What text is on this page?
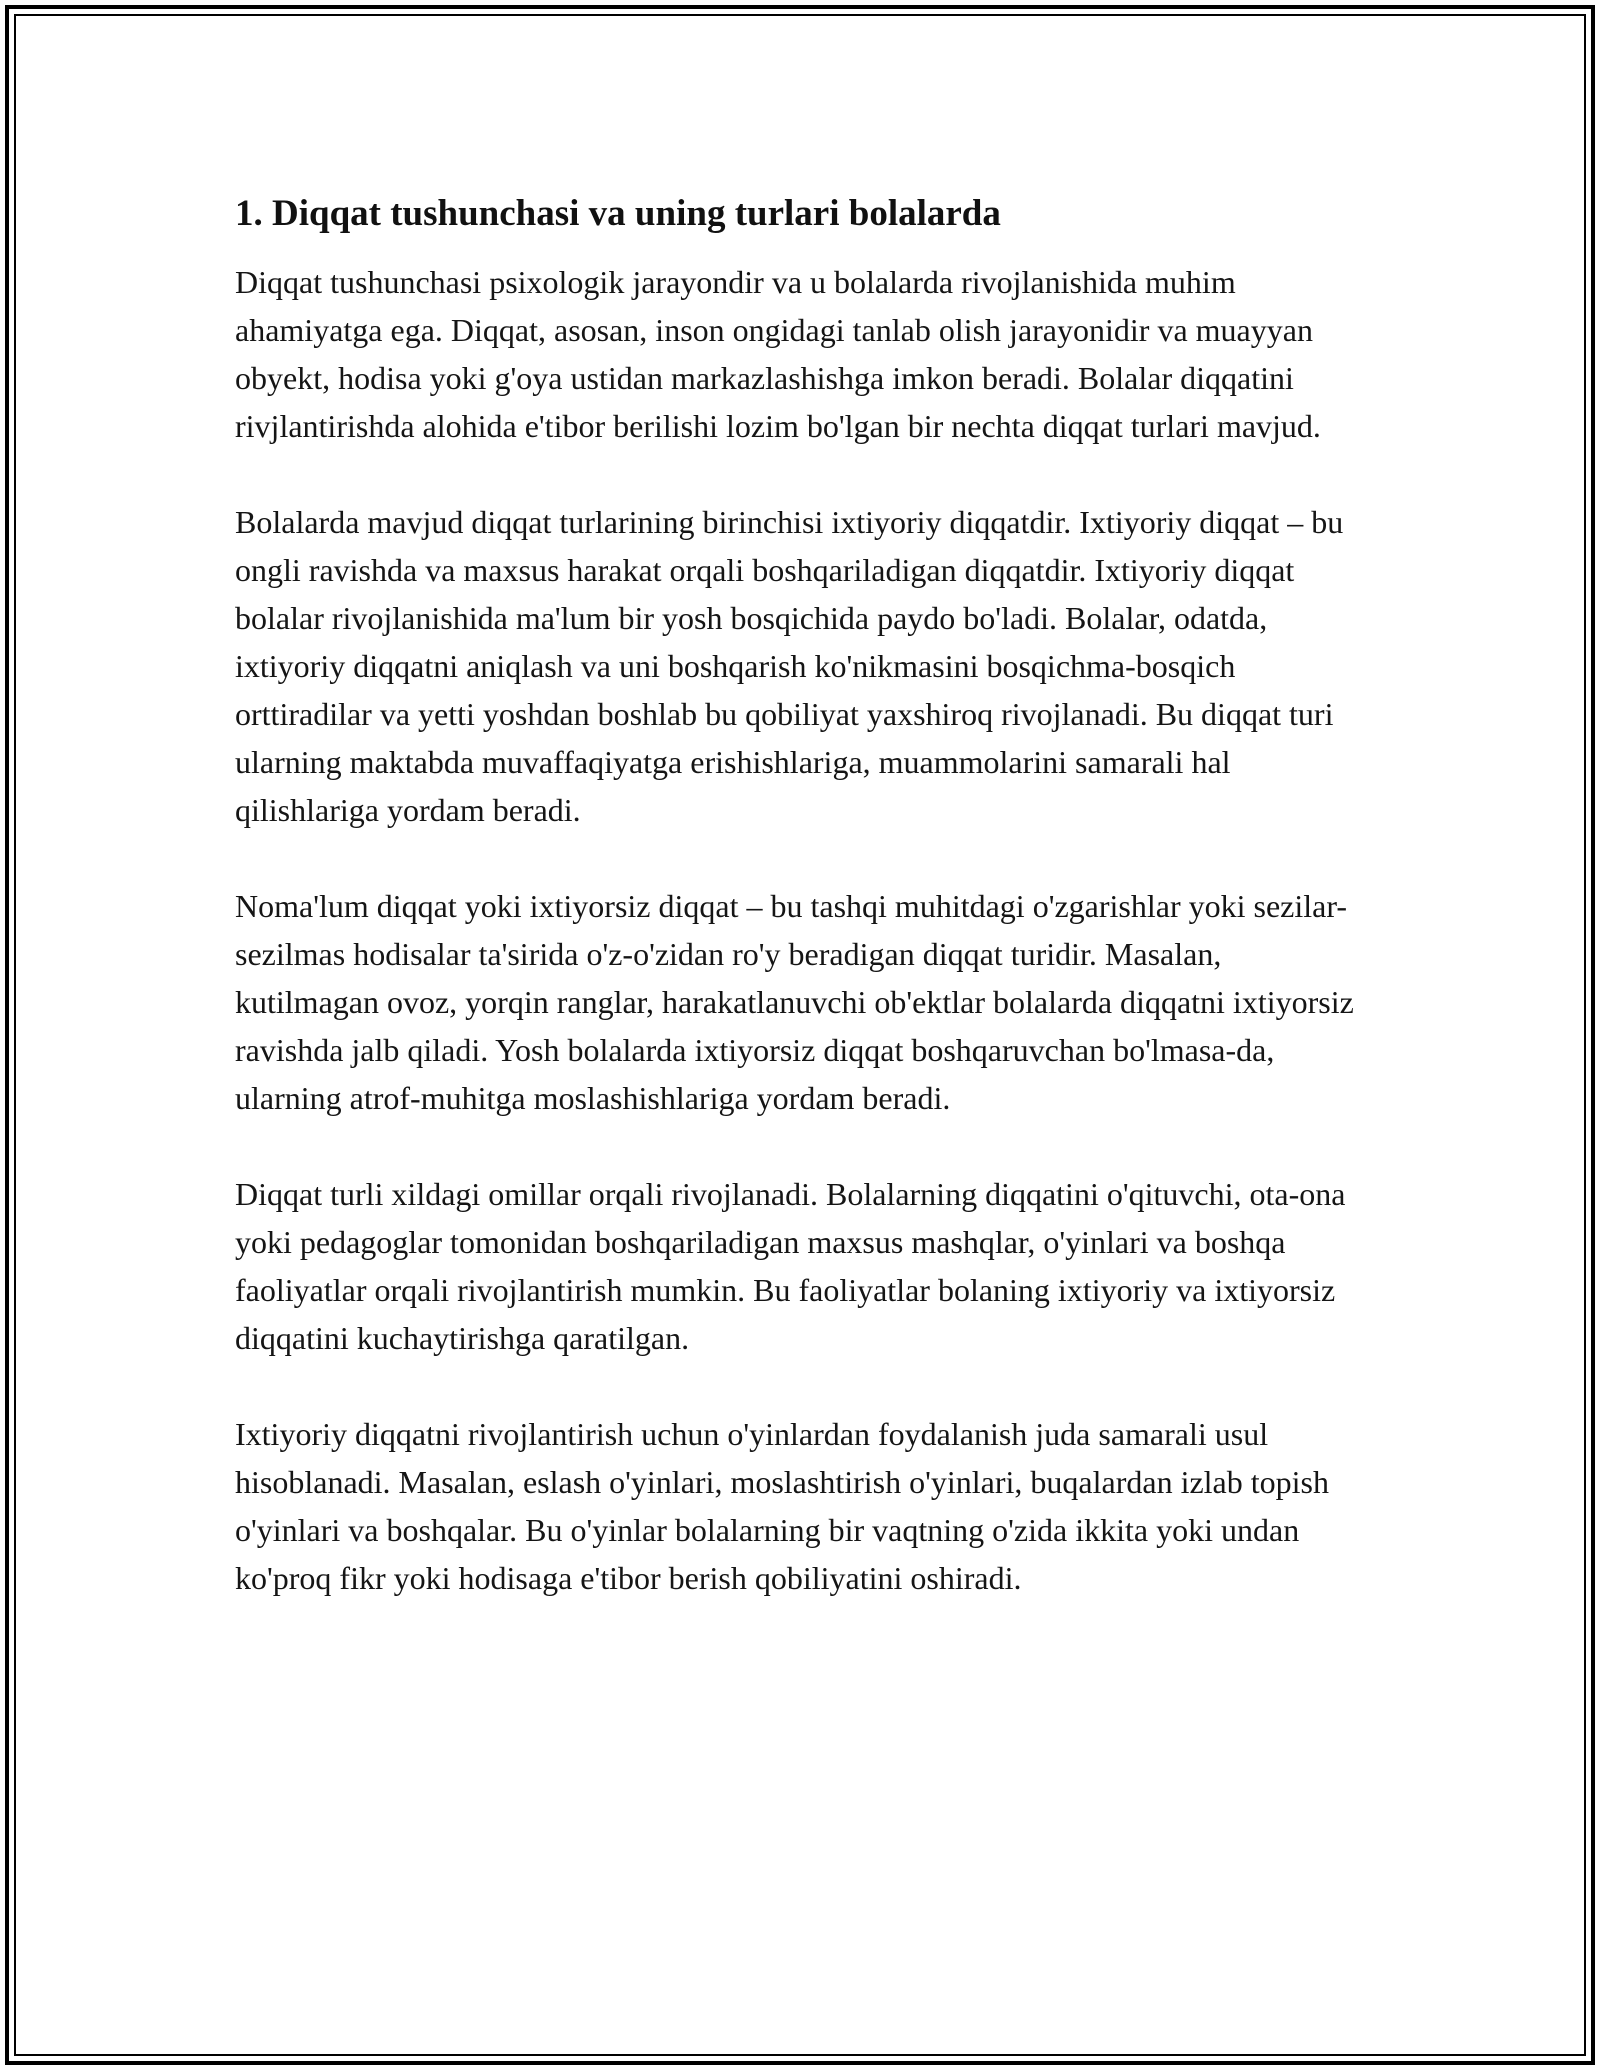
1. Diqqat tushunchasi va uning turlari bolalarda

Diqqat tushunchasi psixologik jarayondir va u bolalarda rivojlanishida muhim ahamiyatga ega. Diqqat, asosan, inson ongidagi tanlab olish jarayonidir va muayyan obyekt, hodisa yoki g'oya ustidan markazlashishga imkon beradi. Bolalar diqqatini rivjlantirishda alohida e'tibor berilishi lozim bo'lgan bir nechta diqqat turlari mavjud.

Bolalarda mavjud diqqat turlarining birinchisi ixtiyoriy diqqatdir. Ixtiyoriy diqqat – bu ongli ravishda va maxsus harakat orqali boshqariladigan diqqatdir. Ixtiyoriy diqqat bolalar rivojlanishida ma'lum bir yosh bosqichida paydo bo'ladi. Bolalar, odatda, ixtiyoriy diqqatni aniqlash va uni boshqarish ko'nikmasini bosqichma-bosqich orttiradilar va yetti yoshdan boshlab bu qobiliyat yaxshiroq rivojlanadi. Bu diqqat turi ularning maktabda muvaffaqiyatga erishishlariga, muammolarini samarali hal qilishlariga yordam beradi.

Noma'lum diqqat yoki ixtiyorsiz diqqat – bu tashqi muhitdagi o'zgarishlar yoki sezilar-sezilmas hodisalar ta'sirida o'z-o'zidan ro'y beradigan diqqat turidir. Masalan, kutilmagan ovoz, yorqin ranglar, harakatlanuvchi ob'ektlar bolalarda diqqatni ixtiyorsiz ravishda jalb qiladi. Yosh bolalarda ixtiyorsiz diqqat boshqaruvchan bo'lmasa-da, ularning atrof-muhitga moslashishlariga yordam beradi.

Diqqat turli xildagi omillar orqali rivojlanadi. Bolalarning diqqatini o'qituvchi, ota-ona yoki pedagoglar tomonidan boshqariladigan maxsus mashqlar, o'yinlari va boshqa faoliyatlar orqali rivojlantirish mumkin. Bu faoliyatlar bolaning ixtiyoriy va ixtiyorsiz diqqatini kuchaytirishga qaratilgan.

Ixtiyoriy diqqatni rivojlantirish uchun o'yinlardan foydalanish juda samarali usul hisoblanadi. Masalan, eslash o'yinlari, moslashtirish o'yinlari, buqalardan izlab topish o'yinlari va boshqalar. Bu o'yinlar bolalarning bir vaqtning o'zida ikkita yoki undan ko'proq fikr yoki hodisaga e'tibor berish qobiliyatini oshiradi.
